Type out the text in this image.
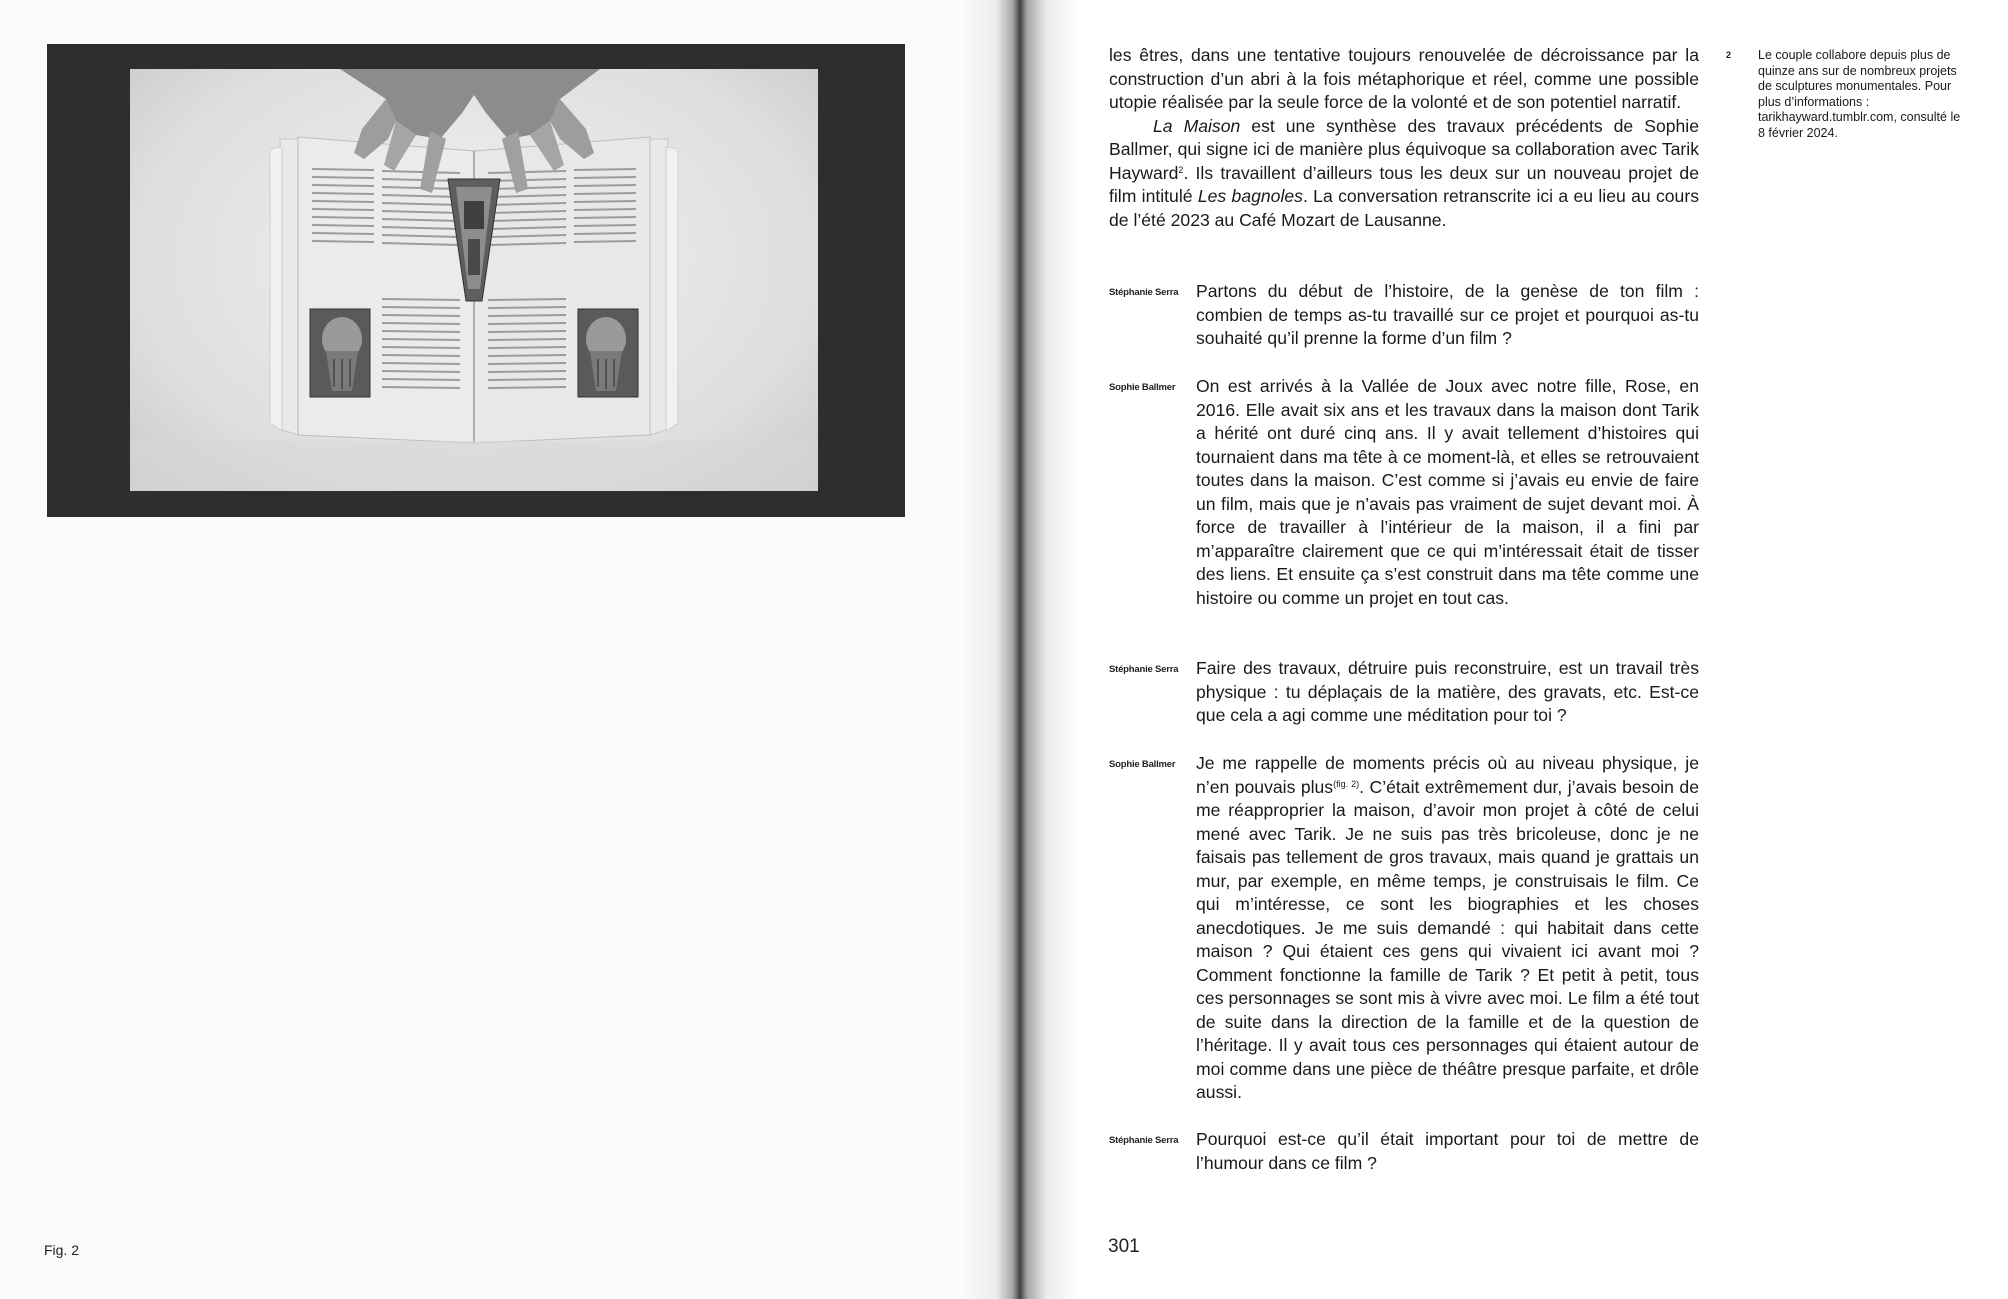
Fig. 2

les êtres, dans une tentative toujours renouvelée de décroissance par la construction d’un abri à la fois métaphorique et réel, comme une possible utopie réalisée par la seule force de la volonté et de son potentiel narratif.

La Maison est une synthèse des travaux précédents de Sophie Ballmer, qui signe ici de manière plus équivoque sa collaboration avec Tarik Hayward$^2$. Ils travaillent d’ailleurs tous les deux sur un nouveau projet de film intitulé Les bagnoles. La conversation retranscrite ici a eu lieu au cours de l’été 2023 au Café Mozart de Lausanne.

Stéphanie Serra Partons du début de l’histoire, de la genèse de ton film : combien de temps as-tu travaillé sur ce projet et pourquoi as-tu souhaité qu’il prenne la forme d’un film ?

Sophie Ballmer On est arrivés à la Vallée de Joux avec notre fille, Rose, en 2016. Elle avait six ans et les travaux dans la maison dont Tarik a hérité ont duré cinq ans. Il y avait tellement d’histoires qui tournaient dans ma tête à ce moment-là, et elles se retrouvaient toutes dans la maison. C’est comme si j’avais eu envie de faire un film, mais que je n’avais pas vraiment de sujet devant moi. À force de travailler à l’intérieur de la maison, il a fini par m’apparaître clairement que ce qui m’intéressait était de tisser des liens. Et ensuite ça s’est construit dans ma tête comme une histoire ou comme un projet en tout cas.

Stéphanie Serra Faire des travaux, détruire puis reconstruire, est un travail très physique : tu déplaçais de la matière, des gravats, etc. Est-ce que cela a agi comme une méditation pour toi ?

Sophie Ballmer Je me rappelle de moments précis où au niveau physique, je n’en pouvais plus$^{(fig. 2)}$. C’était extrêmement dur, j’avais besoin de me réapproprier la maison, d’avoir mon projet à côté de celui mené avec Tarik. Je ne suis pas très bricoleuse, donc je ne faisais pas tellement de gros travaux, mais quand je grattais un mur, par exemple, en même temps, je construisais le film. Ce qui m’intéresse, ce sont les biographies et les choses anecdotiques. Je me suis demandé : qui habitait dans cette maison ? Qui étaient ces gens qui vivaient ici avant moi ? Comment fonctionne la famille de Tarik ? Et petit à petit, tous ces personnages se sont mis à vivre avec moi. Le film a été tout de suite dans la direction de la famille et de la question de l’héritage. Il y avait tous ces personnages qui étaient autour de moi comme dans une pièce de théâtre presque parfaite, et drôle aussi.

Stéphanie Serra Pourquoi est-ce qu’il était important pour toi de mettre de l’humour dans ce film ?

2 Le couple collabore depuis plus de quinze ans sur de nombreux projets de sculptures monumentales. Pour plus d’informations : tarikhayward.tumblr.com, consulté le 8 février 2024.
301
